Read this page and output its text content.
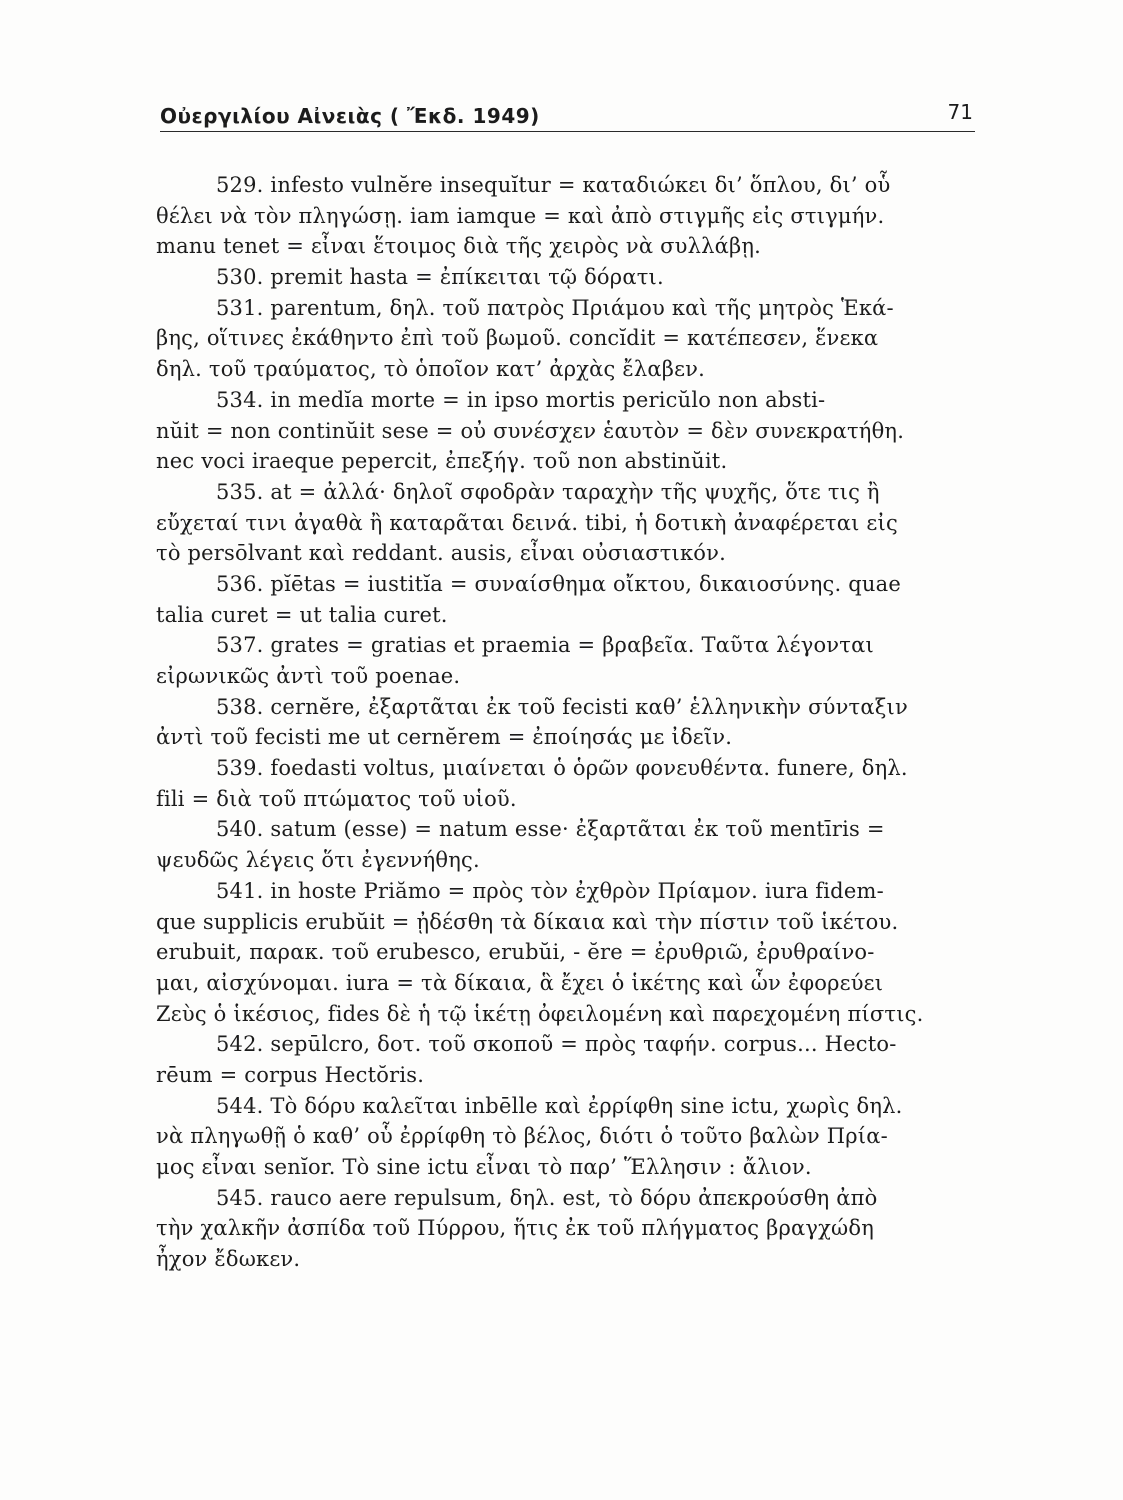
Οὐεργιλίου Αἰνειὰς ( Ἔκδ. 1949)	71
529. infesto vulnĕre insequĭtur = καταδιώκει δι’ ὅπλου, δι’ οὗ
θέλει νὰ τὸν πληγώσῃ. iam iamque = καὶ ἀπὸ στιγμῆς εἰς στιγμήν.
manu tenet = εἶναι ἕτοιμος διὰ τῆς χειρὸς νὰ συλλάβῃ.
530. premit hasta = ἐπίκειται τῷ δόρατι.
531. parentum, δηλ. τοῦ πατρὸς Πριάμου καὶ τῆς μητρὸς Ἑκά-
βης, οἵτινες ἐκάθηντο ἐπὶ τοῦ βωμοῦ. concĭdit = κατέπεσεν, ἕνεκα
δηλ. τοῦ τραύματος, τὸ ὁποῖον κατ’ ἀρχὰς ἔλαβεν.
534. in medĭa morte = in ipso mortis pericŭlo non absti-
nŭit = non continŭit sese = οὐ συνέσχεν ἑαυτὸν = δὲν συνεκρατήθη.
nec voci iraeque pepercit, ἐπεξήγ. τοῦ non abstinŭit.
535. at = ἀλλά· δηλοῖ σφοδρὰν ταραχὴν τῆς ψυχῆς, ὅτε τις ἢ
εὔχεταί τινι ἀγαθὰ ἢ καταρᾶται δεινά. tibi, ἡ δοτικὴ ἀναφέρεται εἰς
τὸ persōlvant καὶ reddant. ausis, εἶναι οὐσιαστικόν.
536. pĭētas = iustitĭa = συναίσθημα οἴκτου, δικαιοσύνης. quae
talia curet = ut talia curet.
537. grates = gratias et praemia = βραβεῖα. Ταῦτα λέγονται
εἰρωνικῶς ἀντὶ τοῦ poenae.
538. cernĕre, ἐξαρτᾶται ἐκ τοῦ fecisti καθ’ ἑλληνικὴν σύνταξιν
ἀντὶ τοῦ fecisti me ut cernĕrem = ἐποίησάς με ἰδεῖν.
539. foedasti voltus, μιαίνεται ὁ ὁρῶν φονευθέντα. funere, δηλ.
fili = διὰ τοῦ πτώματος τοῦ υἱοῦ.
540. satum (esse) = natum esse· ἐξαρτᾶται ἐκ τοῦ mentīris =
ψευδῶς λέγεις ὅτι ἐγεννήθης.
541. in hoste Priămo = πρὸς τὸν ἐχθρὸν Πρίαμον. iura fidem-
que supplicis erubŭit = ᾐδέσθη τὰ δίκαια καὶ τὴν πίστιν τοῦ ἱκέτου.
erubuit, παρακ. τοῦ erubesco, erubŭi, - ĕre = ἐρυθριῶ, ἐρυθραίνο-
μαι, αἰσχύνομαι. iura = τὰ δίκαια, ἃ ἔχει ὁ ἱκέτης καὶ ὧν ἐφορεύει
Ζεὺς ὁ ἱκέσιος, fides δὲ ἡ τῷ ἱκέτῃ ὀφειλομένη καὶ παρεχομένη πίστις.
542. sepūlcro, δοτ. τοῦ σκοποῦ = πρὸς ταφήν. corpus... Hecto-
rēum = corpus Hectŏris.
544. Τὸ δόρυ καλεῖται inbēlle καὶ ἐρρίφθη sine ictu, χωρὶς δηλ.
νὰ πληγωθῇ ὁ καθ’ οὗ ἐρρίφθη τὸ βέλος, διότι ὁ τοῦτο βαλὼν Πρία-
μος εἶναι senĭor. Τὸ sine ictu εἶναι τὸ παρ’ Ἕλλησιν : ἄλιον.
545. rauco aere repulsum, δηλ. est, τὸ δόρυ ἀπεκρούσθη ἀπὸ
τὴν χαλκῆν ἀσπίδα τοῦ Πύρρου, ἥτις ἐκ τοῦ πλήγματος βραγχώδη
ἦχον ἔδωκεν.
